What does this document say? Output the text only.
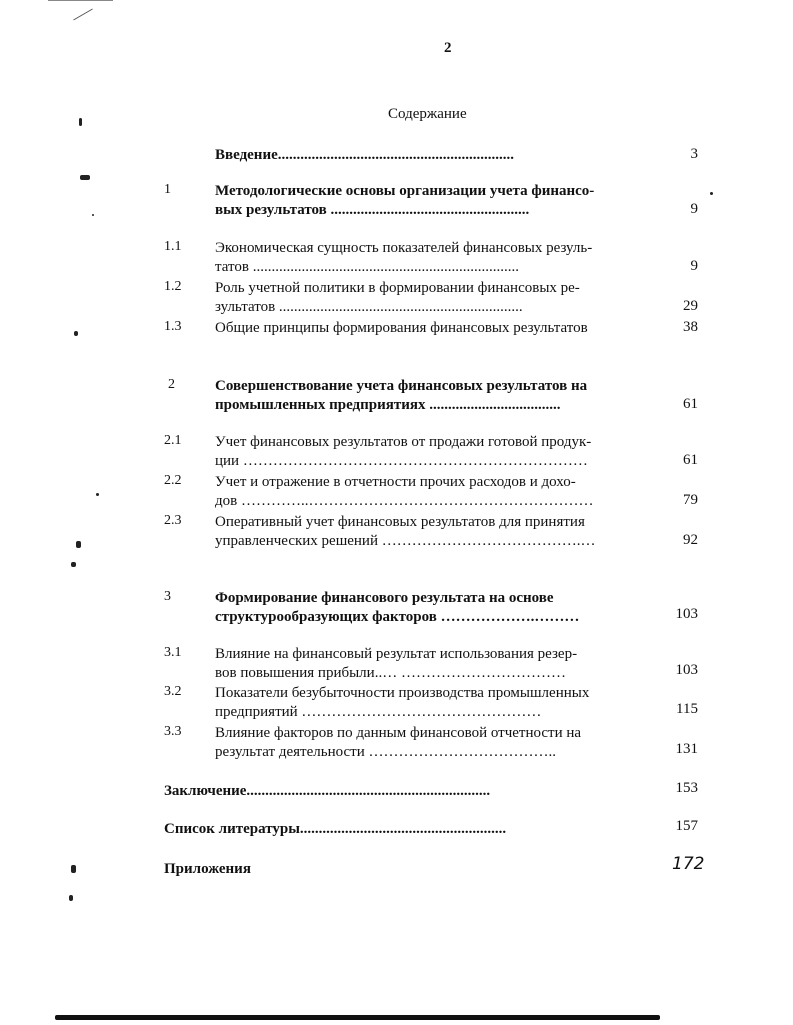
2
Содержание
Введение...............................................................	3
1	Методологические основы организации учета финансо-
вых результатов .....................................................	9
1.1 Экономическая сущность показателей финансовых резуль-
татов .......................................................................	9
1.2 Роль учетной политики в формировании финансовых ре-
зультатов .................................................................	29
1.3 Общие принципы формирования финансовых результатов	38
2	Совершенствование учета финансовых результатов на
промышленных предприятиях ...................................	61
2.1 Учет финансовых результатов от продажи готовой продук-
ции ……………………………………………………………	61
2.2 Учет и отражение в отчетности прочих расходов и дохо-
дов …………..…………………………………………………	79
2.3 Оперативный учет финансовых результатов для принятия
управленческих решений ………………………………….…	92
3	Формирование финансового результата на основе
структурообразующих факторов ……………….………	103
3.1 Влияние на финансовый результат использования резер-
вов повышения прибыли..… ……………………………	103
3.2 Показатели безубыточности производства промышленных
предприятий …………………………………………	115
3.3 Влияние факторов по данным финансовой отчетности на
результат деятельности ………………………………..	131
Заключение.................................................................	153
Список литературы.......................................................	157
Приложения	172
